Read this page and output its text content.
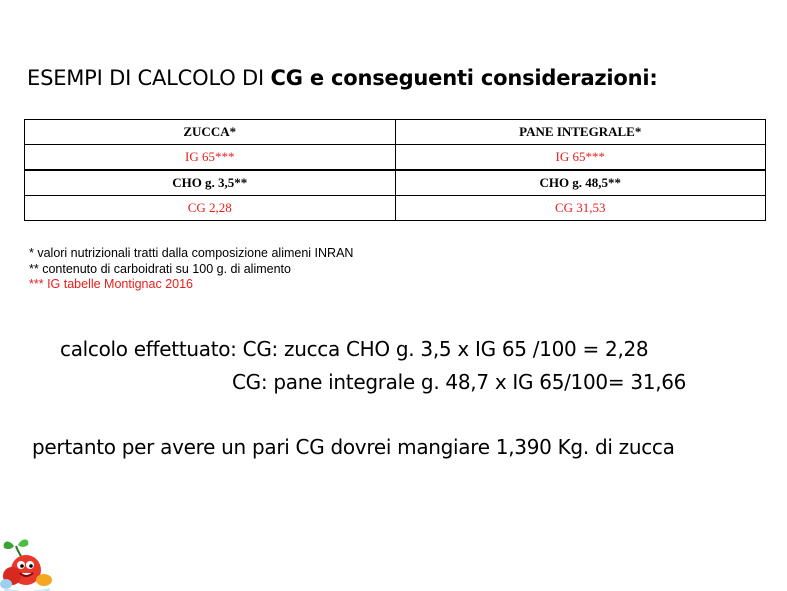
ESEMPI DI CALCOLO DI CG e conseguenti considerazioni:
ZUCCA*	PANE INTEGRALE*
IG 65***	IG 65***
CHO g. 3,5**	CHO g. 48,5**
CG 2,28	CG 31,53
* valori nutrizionali tratti dalla composizione alimeni INRAN
** contenuto di carboidrati su 100 g. di alimento
*** IG tabelle Montignac 2016
calcolo effettuato: CG: zucca CHO g. 3,5 x IG 65 /100 = 2,28
CG: pane integrale g. 48,7 x IG 65/100= 31,66
pertanto per avere un pari CG dovrei mangiare 1,390 Kg. di zucca
